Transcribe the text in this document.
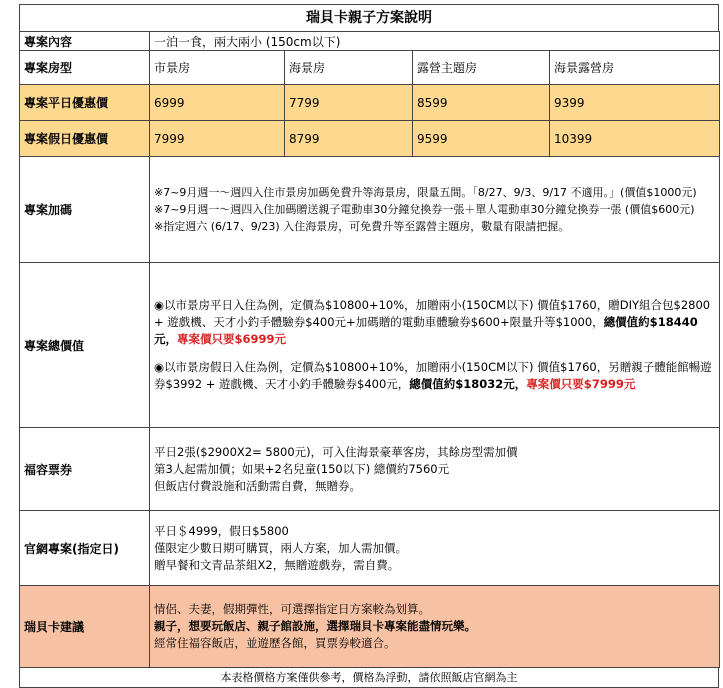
瑞貝卡親子方案說明
專案內容	一泊一食，兩大兩小 (150cm以下)			
專案房型	市景房	海景房	露營主題房	海景露營房
專案平日優惠價	6999	7799	8599	9399
專案假日優惠價	7999	8799	9599	10399
專案加碼	※7~9月週一～週四入住市景房加碼免費升等海景房，限量五間。「8/27、9/3、9/17 不適用。」(價值$1000元)

※7~9月週一～週四入住加碼贈送親子電動車30分鐘兌換券一張＋單人電動車30分鐘兌換券一張 (價值$600元)

※指定週六 (6/17、9/23) 入住海景房，可免費升等至露營主題房，數量有限請把握。			

專案總價值	◉以市景房平日入住為例，定價為$10800+10%，加贈兩小(150CM以下) 價值$1760，贈DIY組合包$2800 + 遊戲機、天才小釣手體驗券$400元+加碼贈的電動車體驗券$600+限量升等$1000，總價值約$18440元，專案價只要$6999元

◉以市景房假日入住為例，定價為$10800+10%，加贈兩小(150CM以下) 價值$1760，另贈親子體能館暢遊券$3992 + 遊戲機、天才小釣手體驗券$400元，總價值約$18032元，專案價只要$7999元			

福容票券	平日2張($2900X2= 5800元)，可入住海景豪華客房，其餘房型需加價

第3人起需加價；如果+2名兒童(150以下) 總價約7560元

但飯店付費設施和活動需自費，無贈券。			

官網專案(指定日)	平日＄4999，假日$5800

僅限定少數日期可購買，兩人方案，加人需加價。

贈早餐和文青品茶組X2，無贈遊戲券，需自費。			

瑞貝卡建議	情侶、夫妻，假期彈性，可選擇指定日方案較為划算。

親子，想要玩飯店、親子館設施，選擇瑞貝卡專案能盡情玩樂。

經常住福容飯店，並遊歷各館，買票券較適合。			

本表格價格方案僅供參考，價格為浮動，請依照飯店官網為主
